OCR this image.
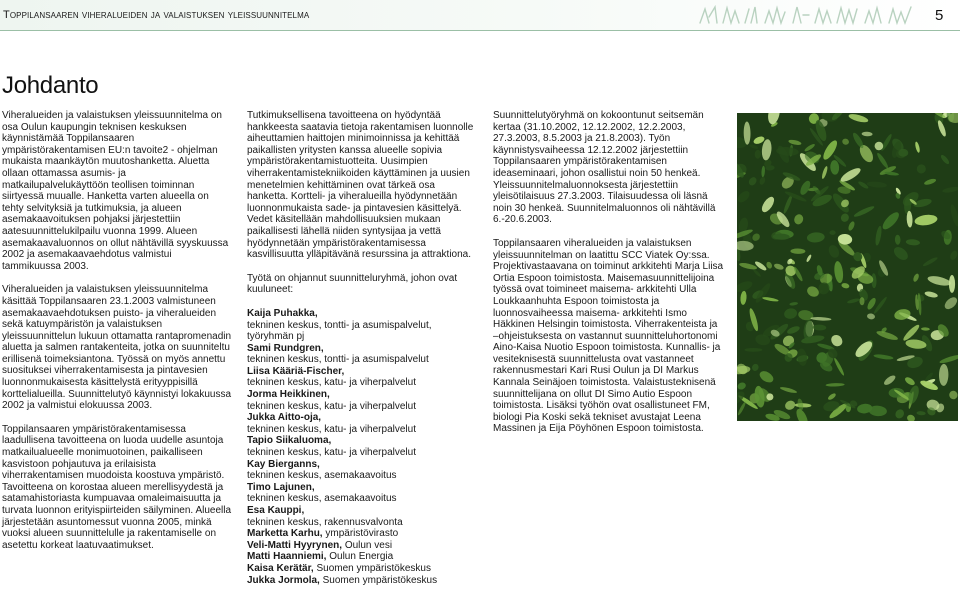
Toppilansaaren viheralueiden ja valaistuksen yleissuunnitelma	5
Johdanto

Viheralueiden ja valaistuksen yleissuunnitelma on osa Oulun kaupungin teknisen keskuksen käynnistämää Toppilansaaren ympäristörakentamisen EU:n tavoite2 - ohjelman mukaista maankäytön muutoshanketta. Aluetta ollaan ottamassa asumis- ja matkailupalvelukäyttöön teollisen toiminnan siirtyessä muualle. Hanketta varten alueella on tehty selvityksiä ja tutkimuksia, ja alueen asemakaavoituksen pohjaksi järjestettiin aatesuunnittelukilpailu vuonna 1999. Alueen asemakaavaluonnos on ollut nähtävillä syyskuussa 2002 ja asemakaavaehdotus valmistui tammikuussa 2003.

Viheralueiden ja valaistuksen yleissuunnitelma käsittää Toppilansaaren 23.1.2003 valmistuneen asemakaavaehdotuksen puisto- ja viheralueiden sekä katuympäristön ja valaistuksen yleissuunnittelun lukuun ottamatta rantapromenadin aluetta ja salmen rantakenteita, jotka on suunniteltu erillisenä toimeksiantona. Työssä on myös annettu suosituksei viherrakentamisesta ja pintavesien luonnonmukaisesta käsittelystä erityyppisillä korttelialueilla. Suunnittelutyö käynnistyi lokakuussa 2002 ja valmistui elokuussa 2003.

Toppilansaaren ympäristörakentamisessa laadullisena tavoitteena on luoda uudelle asuntoja matkailualueelle monimuotoinen, paikalliseen kasvistoon pohjautuva ja erilaisista viherrakentamisen muodoista koostuva ympäristö. Tavoitteena on korostaa alueen merellisyydestä ja satamahistoriasta kumpuavaa omaleimaisuutta ja turvata luonnon erityispiirteiden säilyminen. Alueella järjestetään asuntomessut vuonna 2005, minkä vuoksi alueen suunnittelulle ja rakentamiselle on asetettu korkeat laatuvaatimukset.

Tutkimuksellisena tavoitteena on hyödyntää hankkeesta saatavia tietoja rakentamisen luonnolle aiheuttamien haittojen minimoinnissa ja kehittää paikallisten yritysten kanssa alueelle sopivia ympäristörakentamistuotteita. Uusimpien viherrakentamistekniikoiden käyttäminen ja uusien menetelmien kehittäminen ovat tärkeä osa hanketta. Kortteli- ja viheralueilla hyödynnetään luonnonmukaista sade- ja pintavesien käsittelyä. Vedet käsitellään mahdollisuuksien mukaan paikallisesti lähellä niiden syntysijaa ja vettä hyödynnetään ympäristörakentamisessa kasvillisuutta ylläpitävänä resurssina ja attraktiona.

Työtä on ohjannut suunnitteluryhmä, johon ovat kuuluneet:

Kaija Puhakka,
tekninen keskus, tontti- ja asumispalvelut, työryhmän pj
Sami Rundgren,
tekninen keskus, tontti- ja asumispalvelut
Liisa Kääriä-Fischer,
tekninen keskus, katu- ja viherpalvelut
Jorma Heikkinen,
tekninen keskus, katu- ja viherpalvelut
Jukka Aitto-oja,
tekninen keskus, katu- ja viherpalvelut
Tapio Siikaluoma,
tekninen keskus, katu- ja viherpalvelut
Kay Bierganns,
tekninen keskus, asemakaavoitus
Timo Lajunen,
tekninen keskus, asemakaavoitus
Esa Kauppi,
tekninen keskus, rakennusvalvonta
Marketta Karhu, ympäristövirasto
Veli-Matti Hyyrynen, Oulun vesi
Matti Haanniemi, Oulun Energia
Kaisa Kerätär, Suomen ympäristökeskus
Jukka Jormola, Suomen ympäristökeskus

Suunnittelutyöryhmä on kokoontunut seitsemän kertaa (31.10.2002, 12.12.2002, 12.2.2003, 27.3.2003, 8.5.2003 ja 21.8.2003). Työn käynnistysvaiheessa 12.12.2002 järjestettiin Toppilansaaren ympäristörakentamisen ideaseminaari, johon osallistui noin 50 henkeä. Yleissuunnitelmaluonnoksesta järjestettiin yleisötilaisuus 27.3.2003. Tilaisuudessa oli läsnä noin 30 henkeä. Suunnitelmaluonnos oli nähtävillä 6.-20.6.2003.

Toppilansaaren viheralueiden ja valaistuksen yleissuunnitelman on laatittu SCC Viatek Oy:ssa. Projektivastaavana on toiminut arkkitehti Marja Liisa Ortia Espoon toimistosta. Maisemasuunnittelijoina työssä ovat toimineet maisema- arkkitehti Ulla Loukkaanhuhta Espoon toimistosta ja luonnosvaiheessa maisema- arkkitehti Ismo Häkkinen Helsingin toimistosta. Viherrakenteista ja –ohjeistuksesta on vastannut suunnitteluhortonomi Aino-Kaisa Nuotio Espoon toimistosta. Kunnallis- ja vesiteknisestä suunnittelusta ovat vastanneet rakennusmestari Kari Rusi Oulun ja DI Markus Kannala Seinäjoen toimistosta. Valaistusteknisenä suunnittelijana on ollut DI Simo Autio Espoon toimistosta. Lisäksi työhön ovat osallistuneet FM, biologi Pia Koski sekä tekniset avustajat Leena Massinen ja Eija Pöyhönen Espoon toimistosta.
